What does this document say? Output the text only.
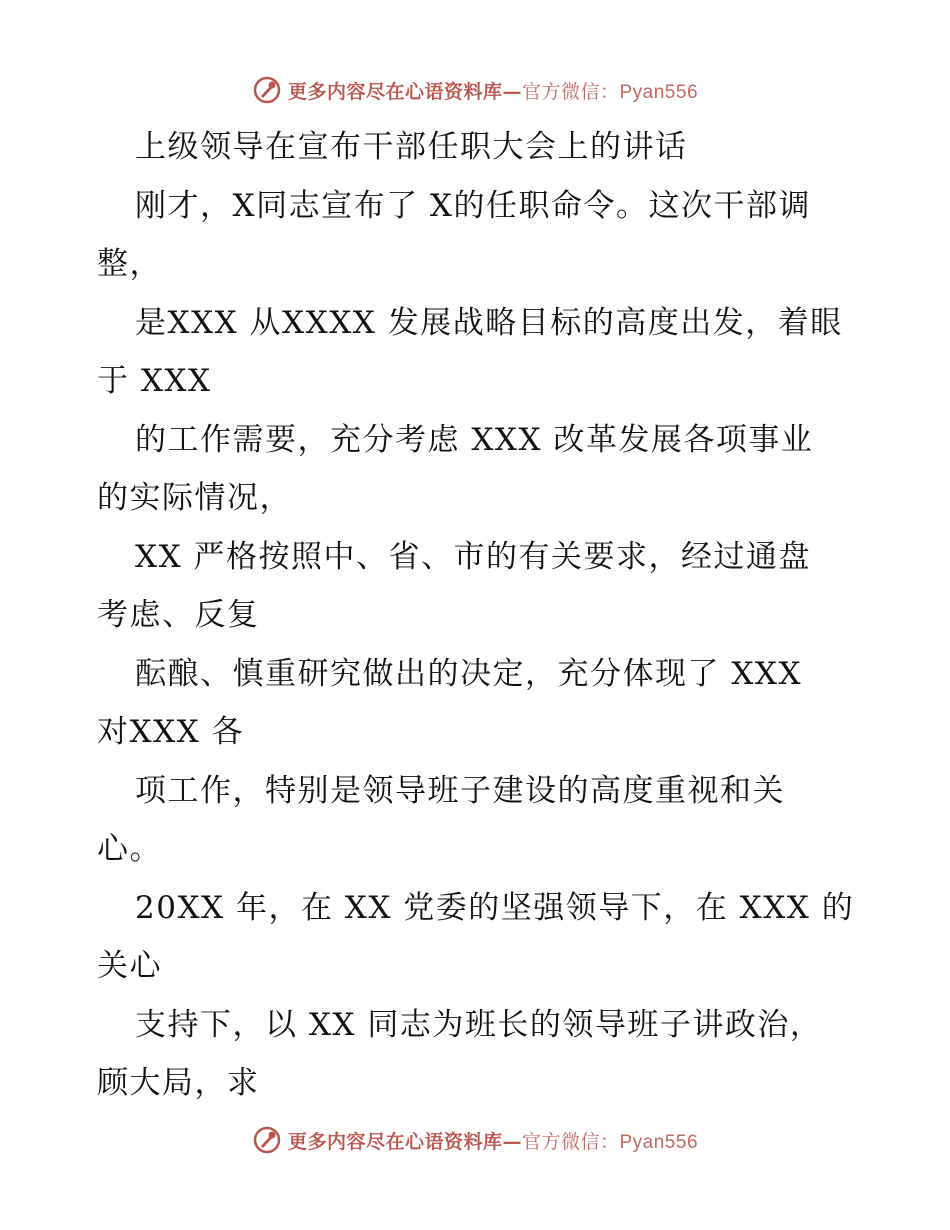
更多内容尽在心语资料库—官方微信：Pyan556
上级领导在宣布干部任职大会上的讲话
刚才，X同志宣布了 X的任职命令。这次干部调
整，
是XXX 从XXXX 发展战略目标的高度出发，着眼
于 XXX
的工作需要，充分考虑 XXX 改革发展各项事业
的实际情况，
XX 严格按照中、省、市的有关要求，经过通盘
考虑、反复
酝酿、慎重研究做出的决定，充分体现了 XXX
对XXX 各
项工作，特别是领导班子建设的高度重视和关
心。
20XX 年，在 XX 党委的坚强领导下，在 XXX 的
关心
支持下，以 XX 同志为班长的领导班子讲政治，
顾大局，求
更多内容尽在心语资料库—官方微信：Pyan556
